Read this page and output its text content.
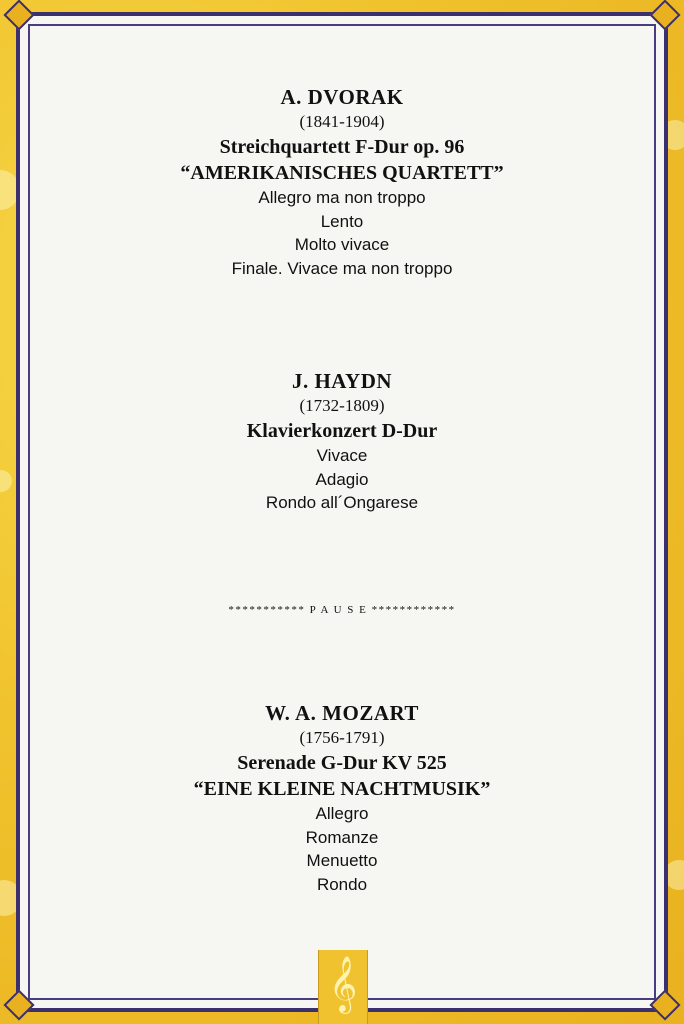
A. DVORAK
(1841-1904)
Streichquartett F-Dur op. 96
“AMERIKANISCHES QUARTETT”
Allegro ma non troppo
Lento
Molto vivace
Finale. Vivace ma non troppo
J. HAYDN
(1732-1809)
Klavierkonzert D-Dur
Vivace
Adagio
Rondo all´Ongarese
*********** P A U S E ************
W. A. MOZART
(1756-1791)
Serenade G-Dur KV 525
“EINE KLEINE NACHTMUSIK”
Allegro
Romanze
Menuetto
Rondo
𝄞
